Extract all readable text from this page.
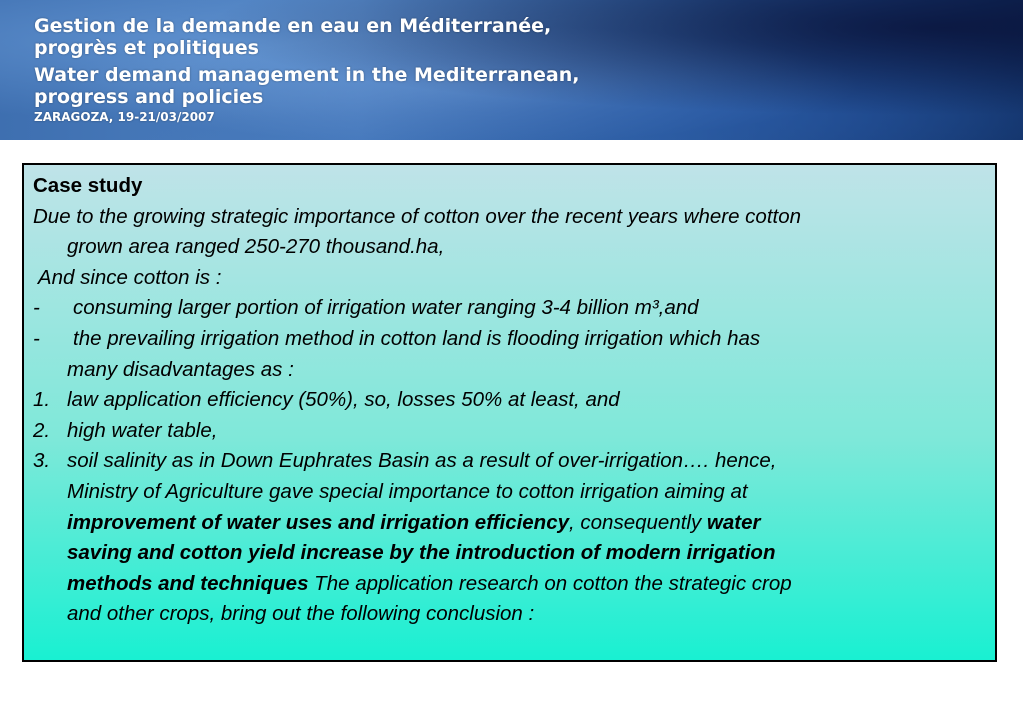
Gestion de la demande en eau en Méditerranée,
progrès et politiques
Water demand management in the Mediterranean,
progress and policies
ZARAGOZA, 19-21/03/2007
Case study
Due to the growing strategic importance of cotton over the recent years where cotton
grown area ranged 250-270 thousand.ha,
And since cotton is :
- consuming larger portion of irrigation water ranging 3-4 billion m³,and
- the prevailing irrigation method in cotton land is flooding irrigation which has
many disadvantages as :
1. law application efficiency (50%), so, losses 50% at least, and
2. high water table,
3. soil salinity as in Down Euphrates Basin as a result of over-irrigation…. hence,
Ministry of Agriculture gave special importance to cotton irrigation aiming at
improvement of water uses and irrigation efficiency, consequently water
saving and cotton yield increase by the introduction of modern irrigation
methods and techniques The application research on cotton the strategic crop
and other crops, bring out the following conclusion :
